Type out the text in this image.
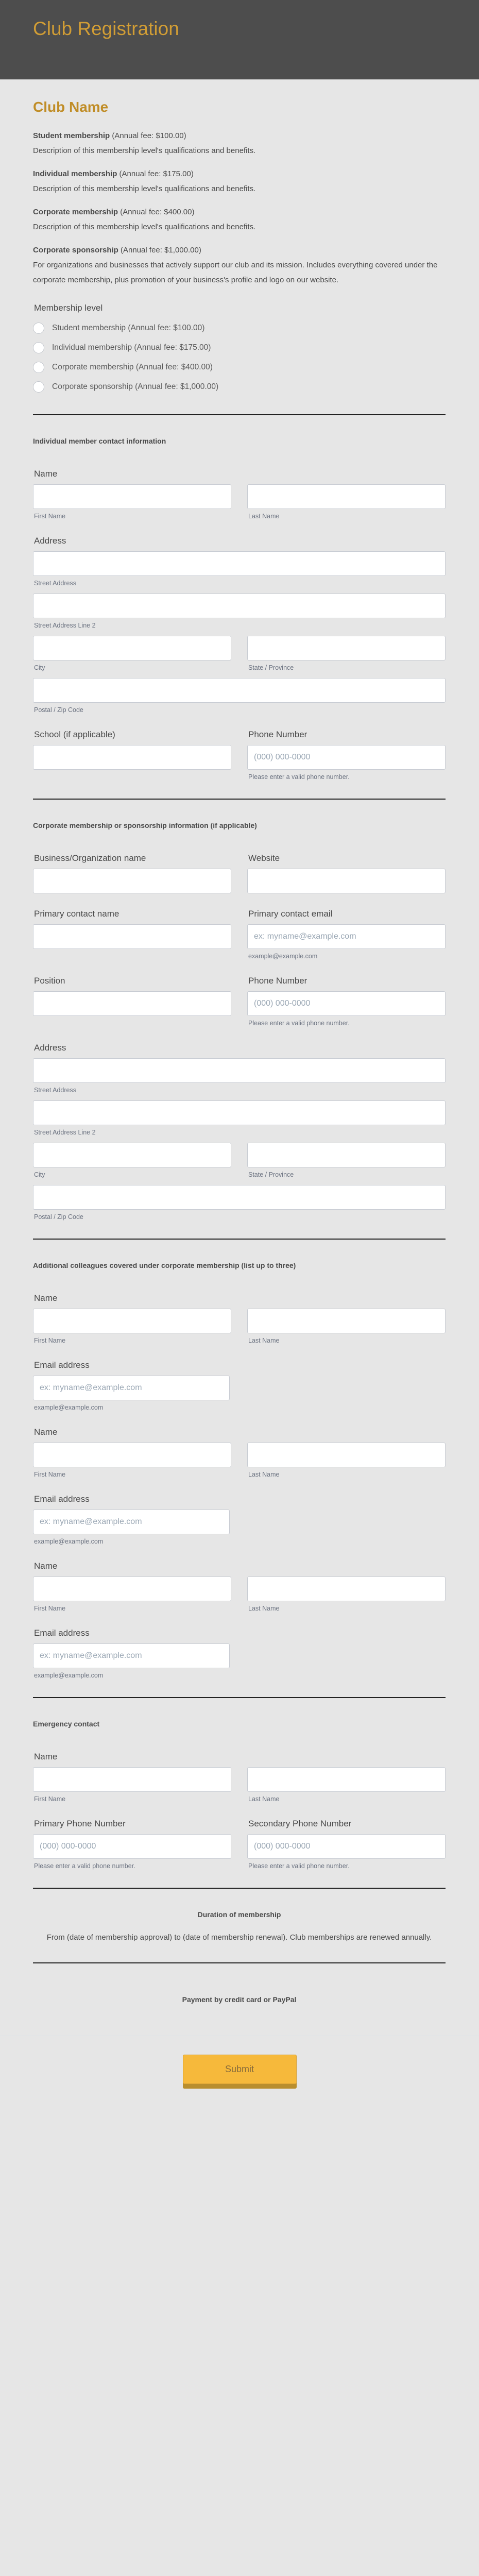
Club Registration
Club Name
Student membership (Annual fee: $100.00)
Description of this membership level's qualifications and benefits.
Individual membership (Annual fee: $175.00)
Description of this membership level's qualifications and benefits.
Corporate membership (Annual fee: $400.00)
Description of this membership level's qualifications and benefits.
Corporate sponsorship (Annual fee: $1,000.00)
For organizations and businesses that actively support our club and its mission. Includes everything covered under the corporate membership, plus promotion of your business's profile and logo on our website.
Membership level
Student membership (Annual fee: $100.00)
Individual membership (Annual fee: $175.00)
Corporate membership (Annual fee: $400.00)
Corporate sponsorship (Annual fee: $1,000.00)
Individual member contact information
Name
First Name	Last Name
Address
Street Address
Street Address Line 2
City	State / Province
Postal / Zip Code
School (if applicable)	Phone Number
(000) 000-0000
Please enter a valid phone number.
Corporate membership or sponsorship information (if applicable)
Business/Organization name	Website
Primary contact name	Primary contact email
ex: myname@example.com
example@example.com
Position	Phone Number
(000) 000-0000
Please enter a valid phone number.
Address
Street Address
Street Address Line 2
City	State / Province
Postal / Zip Code
Additional colleagues covered under corporate membership (list up to three)
Name
First Name	Last Name
Email address
ex: myname@example.com
example@example.com
Name
First Name	Last Name
Email address
ex: myname@example.com
example@example.com
Name
First Name	Last Name
Email address
ex: myname@example.com
example@example.com
Emergency contact
Name
First Name	Last Name
Primary Phone Number
(000) 000-0000
Please enter a valid phone number.
Secondary Phone Number
(000) 000-0000
Please enter a valid phone number.
Duration of membership
From (date of membership approval) to (date of membership renewal). Club memberships are renewed annually.
Payment by credit card or PayPal
Submit
